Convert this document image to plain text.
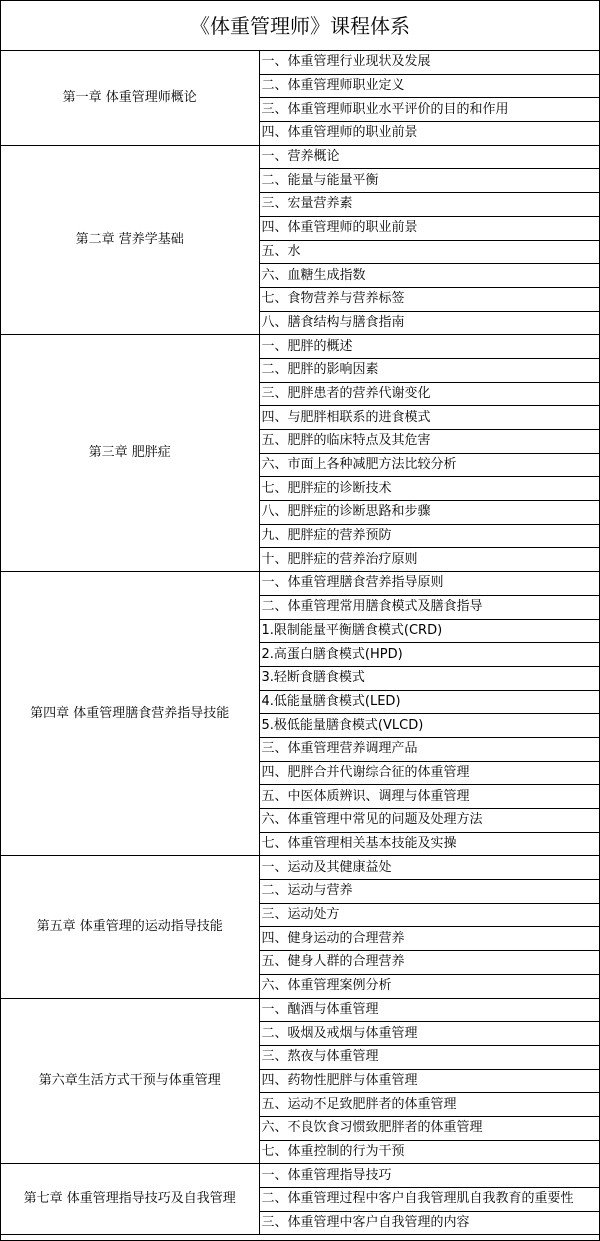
《体重管理师》课程体系
第一章 体重管理师概论	一、体重管理行业现状及发展
	二、体重管理师职业定义
	三、体重管理师职业水平评价的目的和作用
	四、体重管理师的职业前景
第二章 营养学基础	一、营养概论
	二、能量与能量平衡
	三、宏量营养素
	四、体重管理师的职业前景
	五、水
	六、血糖生成指数
	七、食物营养与营养标签
	八、膳食结构与膳食指南
第三章 肥胖症	一、肥胖的概述
	二、肥胖的影响因素
	三、肥胖患者的营养代谢变化
	四、与肥胖相联系的进食模式
	五、肥胖的临床特点及其危害
	六、市面上各种减肥方法比较分析
	七、肥胖症的诊断技术
	八、肥胖症的诊断思路和步骤
	九、肥胖症的营养预防
	十、肥胖症的营养治疗原则
第四章 体重管理膳食营养指导技能	一、体重管理膳食营养指导原则
	二、体重管理常用膳食模式及膳食指导
	1.限制能量平衡膳食模式(CRD)
	2.高蛋白膳食模式(HPD)
	3.轻断食膳食模式
	4.低能量膳食模式(LED)
	5.极低能量膳食模式(VLCD)
	三、体重管理营养调理产品
	四、肥胖合并代谢综合征的体重管理
	五、中医体质辨识、调理与体重管理
	六、体重管理中常见的问题及处理方法
	七、体重管理相关基本技能及实操
第五章 体重管理的运动指导技能	一、运动及其健康益处
	二、运动与营养
	三、运动处方
	四、健身运动的合理营养
	五、健身人群的合理营养
	六、体重管理案例分析
第六章生活方式干预与体重管理	一、酗酒与体重管理
	二、吸烟及戒烟与体重管理
	三、熬夜与体重管理
	四、药物性肥胖与体重管理
	五、运动不足致肥胖者的体重管理
	六、不良饮食习惯致肥胖者的体重管理
	七、体重控制的行为干预
第七章 体重管理指导技巧及自我管理	一、体重管理指导技巧
	二、体重管理过程中客户自我管理肌自我教育的重要性
	三、体重管理中客户自我管理的内容
